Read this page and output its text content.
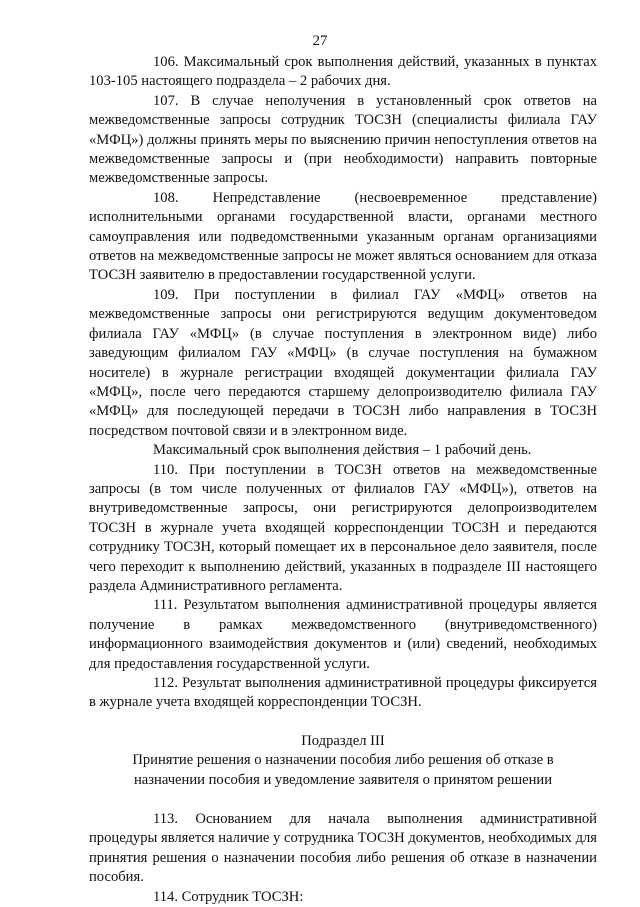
27

106. Максимальный срок выполнения действий, указанных в пунктах 103-105 настоящего подраздела – 2 рабочих дня.

107. В случае неполучения в установленный срок ответов на межведомственные запросы сотрудник ТОСЗН (специалисты филиала ГАУ «МФЦ») должны принять меры по выяснению причин непоступления ответов на межведомственные запросы и (при необходимости) направить повторные межведомственные запросы.

108. Непредставление (несвоевременное представление) исполнительными органами государственной власти, органами местного самоуправления или подведомственными указанным органам организациями ответов на межведомственные запросы не может являться основанием для отказа ТОСЗН заявителю в предоставлении государственной услуги.

109. При поступлении в филиал ГАУ «МФЦ» ответов на межведомственные запросы они регистрируются ведущим документоведом филиала ГАУ «МФЦ» (в случае поступления в электронном виде) либо заведующим филиалом ГАУ «МФЦ» (в случае поступления на бумажном носителе) в журнале регистрации входящей документации филиала ГАУ «МФЦ», после чего передаются старшему делопроизводителю филиала ГАУ «МФЦ» для последующей передачи в ТОСЗН либо направления в ТОСЗН посредством почтовой связи и в электронном виде.

Максимальный срок выполнения действия – 1 рабочий день.

110. При поступлении в ТОСЗН ответов на межведомственные запросы (в том числе полученных от филиалов ГАУ «МФЦ»), ответов на внутриведомственные запросы, они регистрируются делопроизводителем ТОСЗН в журнале учета входящей корреспонденции ТОСЗН и передаются сотруднику ТОСЗН, который помещает их в персональное дело заявителя, после чего переходит к выполнению действий, указанных в подразделе III настоящего раздела Административного регламента.

111. Результатом выполнения административной процедуры является получение в рамках межведомственного (внутриведомственного) информационного взаимодействия документов и (или) сведений, необходимых для предоставления государственной услуги.

112. Результат выполнения административной процедуры фиксируется в журнале учета входящей корреспонденции ТОСЗН.

Подраздел III

Принятие решения о назначении пособия либо решения об отказе в назначении пособия и уведомление заявителя о принятом решении

113. Основанием для начала выполнения административной процедуры является наличие у сотрудника ТОСЗН документов, необходимых для принятия решения о назначении пособия либо решения об отказе в назначении пособия.

114. Сотрудник ТОСЗН:
